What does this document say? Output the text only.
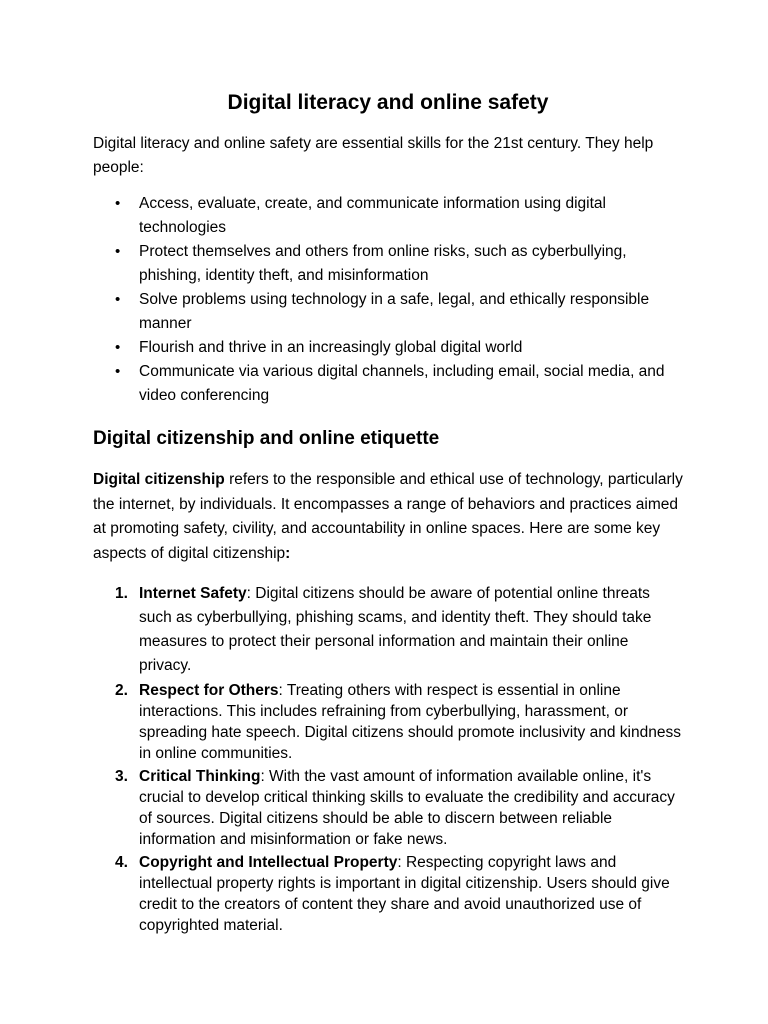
Digital literacy and online safety

Digital literacy and online safety are essential skills for the 21st century. They help people:

• Access, evaluate, create, and communicate information using digital technologies
• Protect themselves and others from online risks, such as cyberbullying, phishing, identity theft, and misinformation
• Solve problems using technology in a safe, legal, and ethically responsible manner
• Flourish and thrive in an increasingly global digital world
• Communicate via various digital channels, including email, social media, and video conferencing
Digital citizenship and online etiquette

Digital citizenship refers to the responsible and ethical use of technology, particularly the internet, by individuals. It encompasses a range of behaviors and practices aimed at promoting safety, civility, and accountability in online spaces. Here are some key aspects of digital citizenship:

1. Internet Safety: Digital citizens should be aware of potential online threats such as cyberbullying, phishing scams, and identity theft. They should take measures to protect their personal information and maintain their online privacy.
2. Respect for Others: Treating others with respect is essential in online interactions. This includes refraining from cyberbullying, harassment, or spreading hate speech. Digital citizens should promote inclusivity and kindness in online communities.
3. Critical Thinking: With the vast amount of information available online, it's crucial to develop critical thinking skills to evaluate the credibility and accuracy of sources. Digital citizens should be able to discern between reliable information and misinformation or fake news.
4. Copyright and Intellectual Property: Respecting copyright laws and intellectual property rights is important in digital citizenship. Users should give credit to the creators of content they share and avoid unauthorized use of copyrighted material.
